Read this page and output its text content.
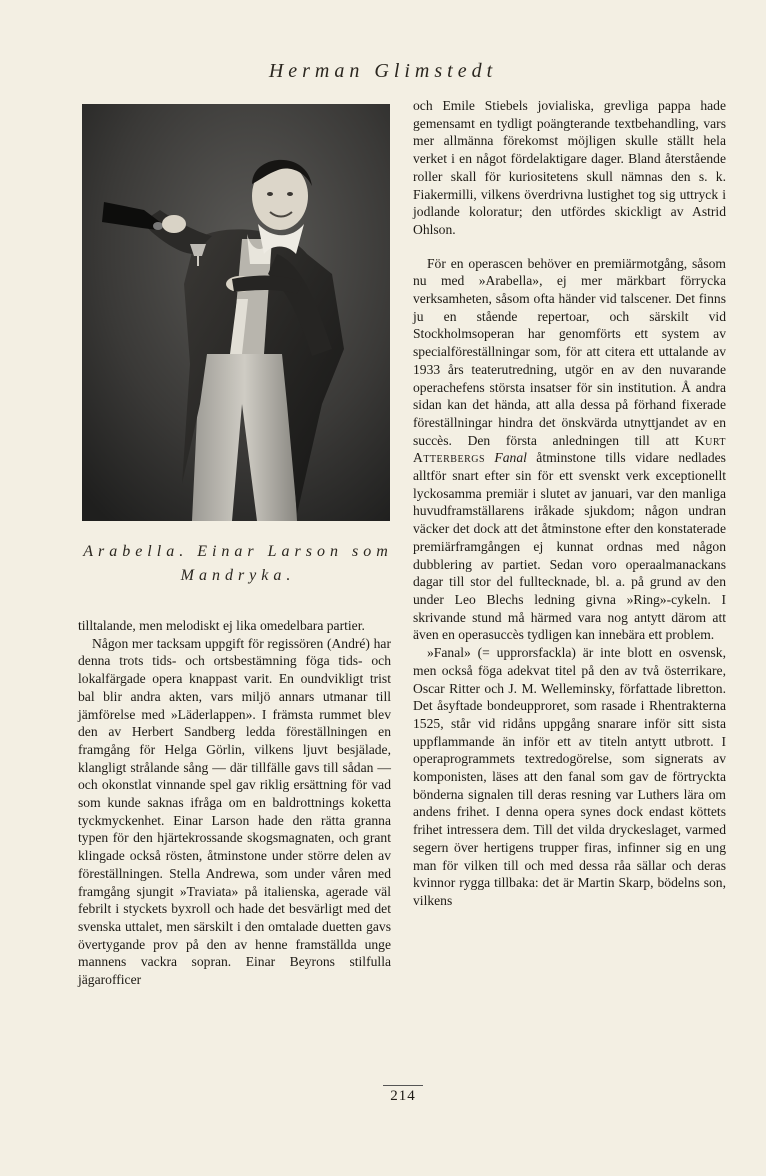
Herman Glimstedt
Arabella. Einar Larson som
Mandryka.

tilltalande, men melodiskt ej lika omedelbara partier.

Någon mer tacksam uppgift för regissören (André) har denna trots tids- och ortsbestämning föga tids- och lokalfärgade opera knappast varit. En oundvikligt trist bal blir andra akten, vars miljö annars utmanar till jämförelse med »Läderlappen». I främsta rummet blev den av Herbert Sandberg ledda föreställningen en framgång för Helga Görlin, vilkens ljuvt besjälade, klangligt strålande sång — där tillfälle gavs till sådan — och okonstlat vinnande spel gav riklig ersättning för vad som kunde saknas ifråga om en baldrottnings koketta tyckmyckenhet. Einar Larson hade den rätta granna typen för den hjärtekrossande skogsmagnaten, och grant klingade också rösten, åtminstone under större delen av föreställningen. Stella Andrewa, som under våren med framgång sjungit »Traviata» på italienska, agerade väl febrilt i styckets byxroll och hade det besvärligt med det svenska uttalet, men särskilt i den omtalade duetten gavs övertygande prov på den av henne framställda unge mannens vackra sopran. Einar Beyrons stilfulla jägarofficer

och Emile Stiebels jovialiska, grevliga pappa hade gemensamt en tydligt poängterande textbehandling, vars mer allmänna förekomst möjligen skulle ställt hela verket i en något fördelaktigare dager. Bland återstående roller skall för kuriositetens skull nämnas den s. k. Fiakermilli, vilkens överdrivna lustighet tog sig uttryck i jodlande koloratur; den utfördes skickligt av Astrid Ohlson.

För en operascen behöver en premiärmotgång, såsom nu med »Arabella», ej mer märkbart förrycka verksamheten, såsom ofta händer vid talscener. Det finns ju en stående repertoar, och särskilt vid Stockholmsoperan har genomförts ett system av specialföreställningar som, för att citera ett uttalande av 1933 års teaterutredning, utgör en av den nuvarande operachefens största insatser för sin institution. Å andra sidan kan det hända, att alla dessa på förhand fixerade föreställningar hindra det önskvärda utnyttjandet av en succès. Den första anledningen till att Kurt Atterbergs Fanal åtminstone tills vidare nedlades alltför snart efter sin för ett svenskt verk exceptionellt lyckosamma premiär i slutet av januari, var den manliga huvudframställarens iråkade sjukdom; någon undran väcker det dock att det åtminstone efter den konstaterade premiärframgången ej kunnat ordnas med någon dubblering av partiet. Sedan voro operaalmanackans dagar till stor del fulltecknade, bl. a. på grund av den under Leo Blechs ledning givna »Ring»-cykeln. I skrivande stund må härmed vara nog antytt därom att även en operasuccès tydligen kan innebära ett problem.

»Fanal» (= upprorsfackla) är inte blott en osvensk, men också föga adekvat titel på den av två österrikare, Oscar Ritter och J. M. Welleminsky, författade libretton. Det åsyftade bondeupproret, som rasade i Rhentrakterna 1525, står vid ridåns uppgång snarare inför sitt sista uppflammande än inför ett av titeln antytt utbrott. I operaprogrammets textredogörelse, som signerats av komponisten, läses att den fanal som gav de förtryckta bönderna signalen till deras resning var Luthers lära om andens frihet. I denna opera synes dock endast köttets frihet intressera dem. Till det vilda dryckeslaget, varmed segern över hertigens trupper firas, infinner sig en ung man för vilken till och med dessa råa sällar och deras kvinnor rygga tillbaka: det är Martin Skarp, bödelns son, vilkens

214
